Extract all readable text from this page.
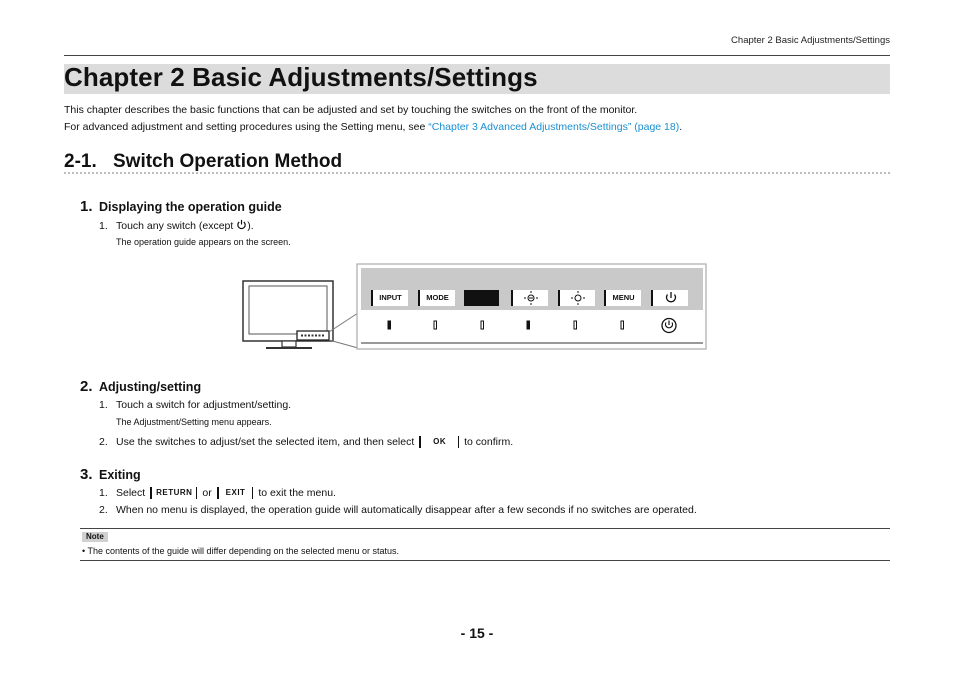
Chapter 2 Basic Adjustments/Settings
Chapter 2 Basic Adjustments/Settings
This chapter describes the basic functions that can be adjusted and set by touching the switches on the front of the monitor.
For advanced adjustment and setting procedures using the Setting menu, see “Chapter 3 Advanced Adjustments/Settings” (page 18).
2-1. Switch Operation Method
1. Displaying the operation guide
1. Touch any switch (except ).
The operation guide appears on the screen.
INPUT	MODE	MENU
2. Adjusting/setting
1. Touch a switch for adjustment/setting.
The Adjustment/Setting menu appears.
2. Use the switches to adjust/set the selected item, and then select OK to confirm.
3. Exiting
1. Select RETURN or EXIT to exit the menu.
2. When no menu is displayed, the operation guide will automatically disappear after a few seconds if no switches are operated.
Note
• The contents of the guide will differ depending on the selected menu or status.
- 15 -
